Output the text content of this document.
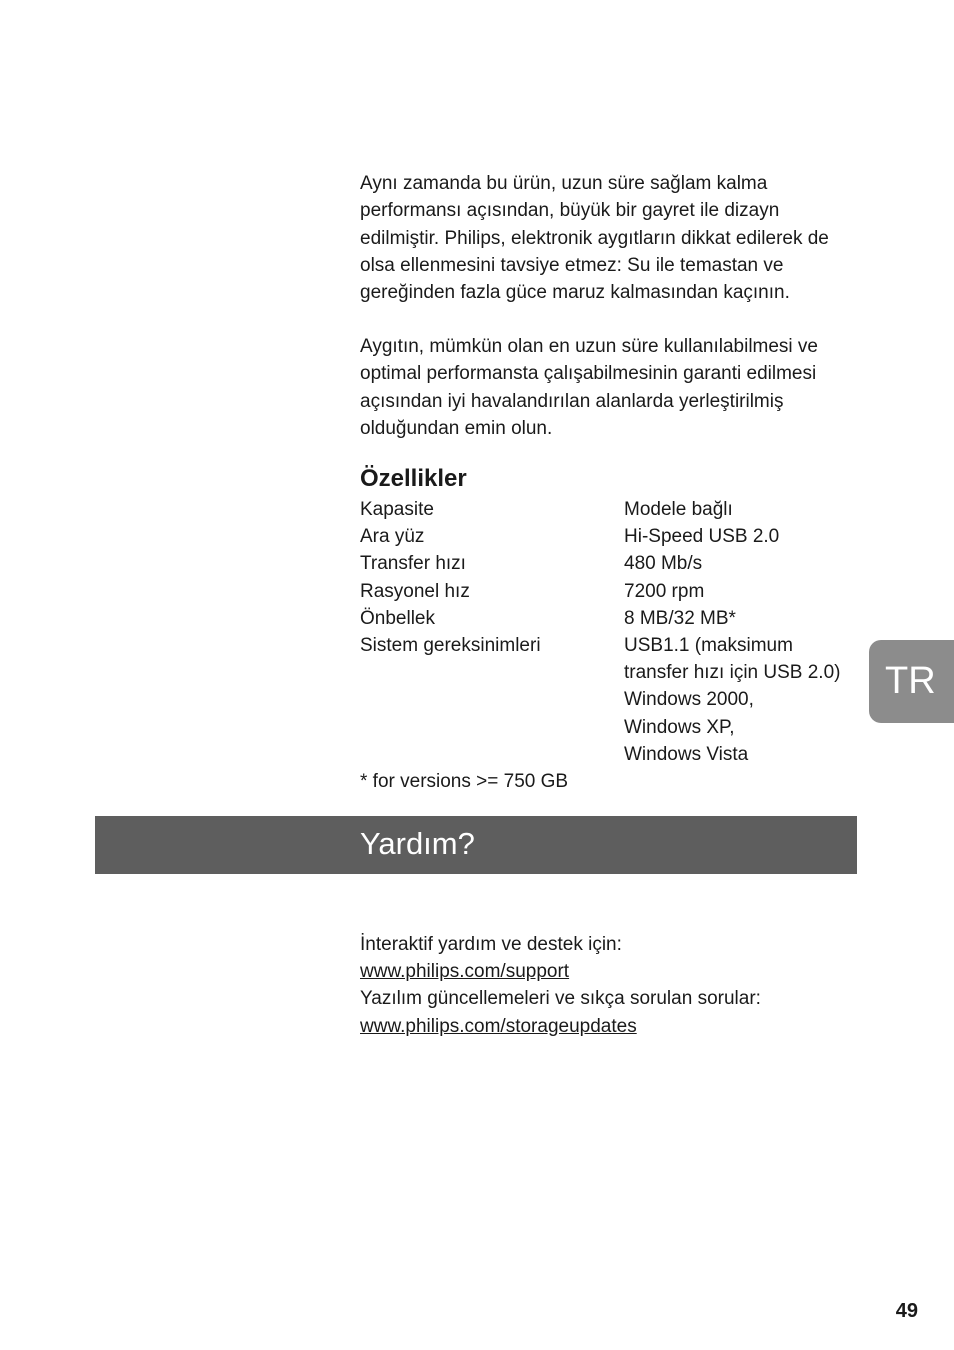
Aynı zamanda bu ürün, uzun süre sağlam kalma
performansı açısından, büyük bir gayret ile dizayn
edilmiştir. Philips, elektronik aygıtların dikkat edilerek de
olsa ellenmesini tavsiye etmez: Su ile temastan ve
gereğinden fazla güce maruz kalmasından kaçının.

Aygıtın, mümkün olan en uzun süre kullanılabilmesi ve
optimal performansta çalışabilmesinin garanti edilmesi
açısından iyi havalandırılan alanlarda yerleştirilmiş
olduğundan emin olun.

Özellikler
Kapasite	Modele bağlı
Ara yüz	Hi-Speed USB 2.0
Transfer hızı	480 Mb/s
Rasyonel hız	7200 rpm
Önbellek	8 MB/32 MB*
Sistem gereksinimleri	USB1.1 (maksimum
transfer hızı için USB 2.0)
Windows 2000,
Windows XP,
Windows Vista

* for versions >= 750 GB

Yardım?
İnteraktif yardım ve destek için:
www.philips.com/support
Yazılım güncellemeleri ve sıkça sorulan sorular:
www.philips.com/storageupdates
TR
49
